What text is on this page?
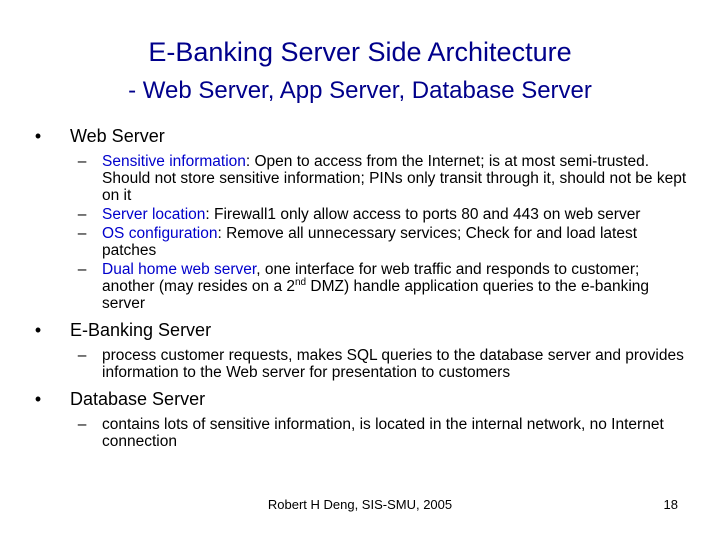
E-Banking Server Side Architecture
- Web Server, App Server, Database Server
•	Web Server
–	Sensitive information: Open to access from the Internet; is at most semi-trusted. Should not store sensitive information; PINs only transit through it, should not be kept on it
–	Server location: Firewall1 only allow access to ports 80 and 443 on web server
–	OS configuration: Remove all unnecessary services; Check for and load latest patches
–	Dual home web server, one interface for web traffic and responds to customer; another (may resides on a 2nd DMZ) handle application queries to the e-banking server
•	E-Banking Server
–	process customer requests, makes SQL queries to the database server and provides information to the Web server for presentation to customers
•	Database Server
–	contains lots of sensitive information, is located in the internal network, no Internet connection
Robert H Deng, SIS-SMU, 2005	18
